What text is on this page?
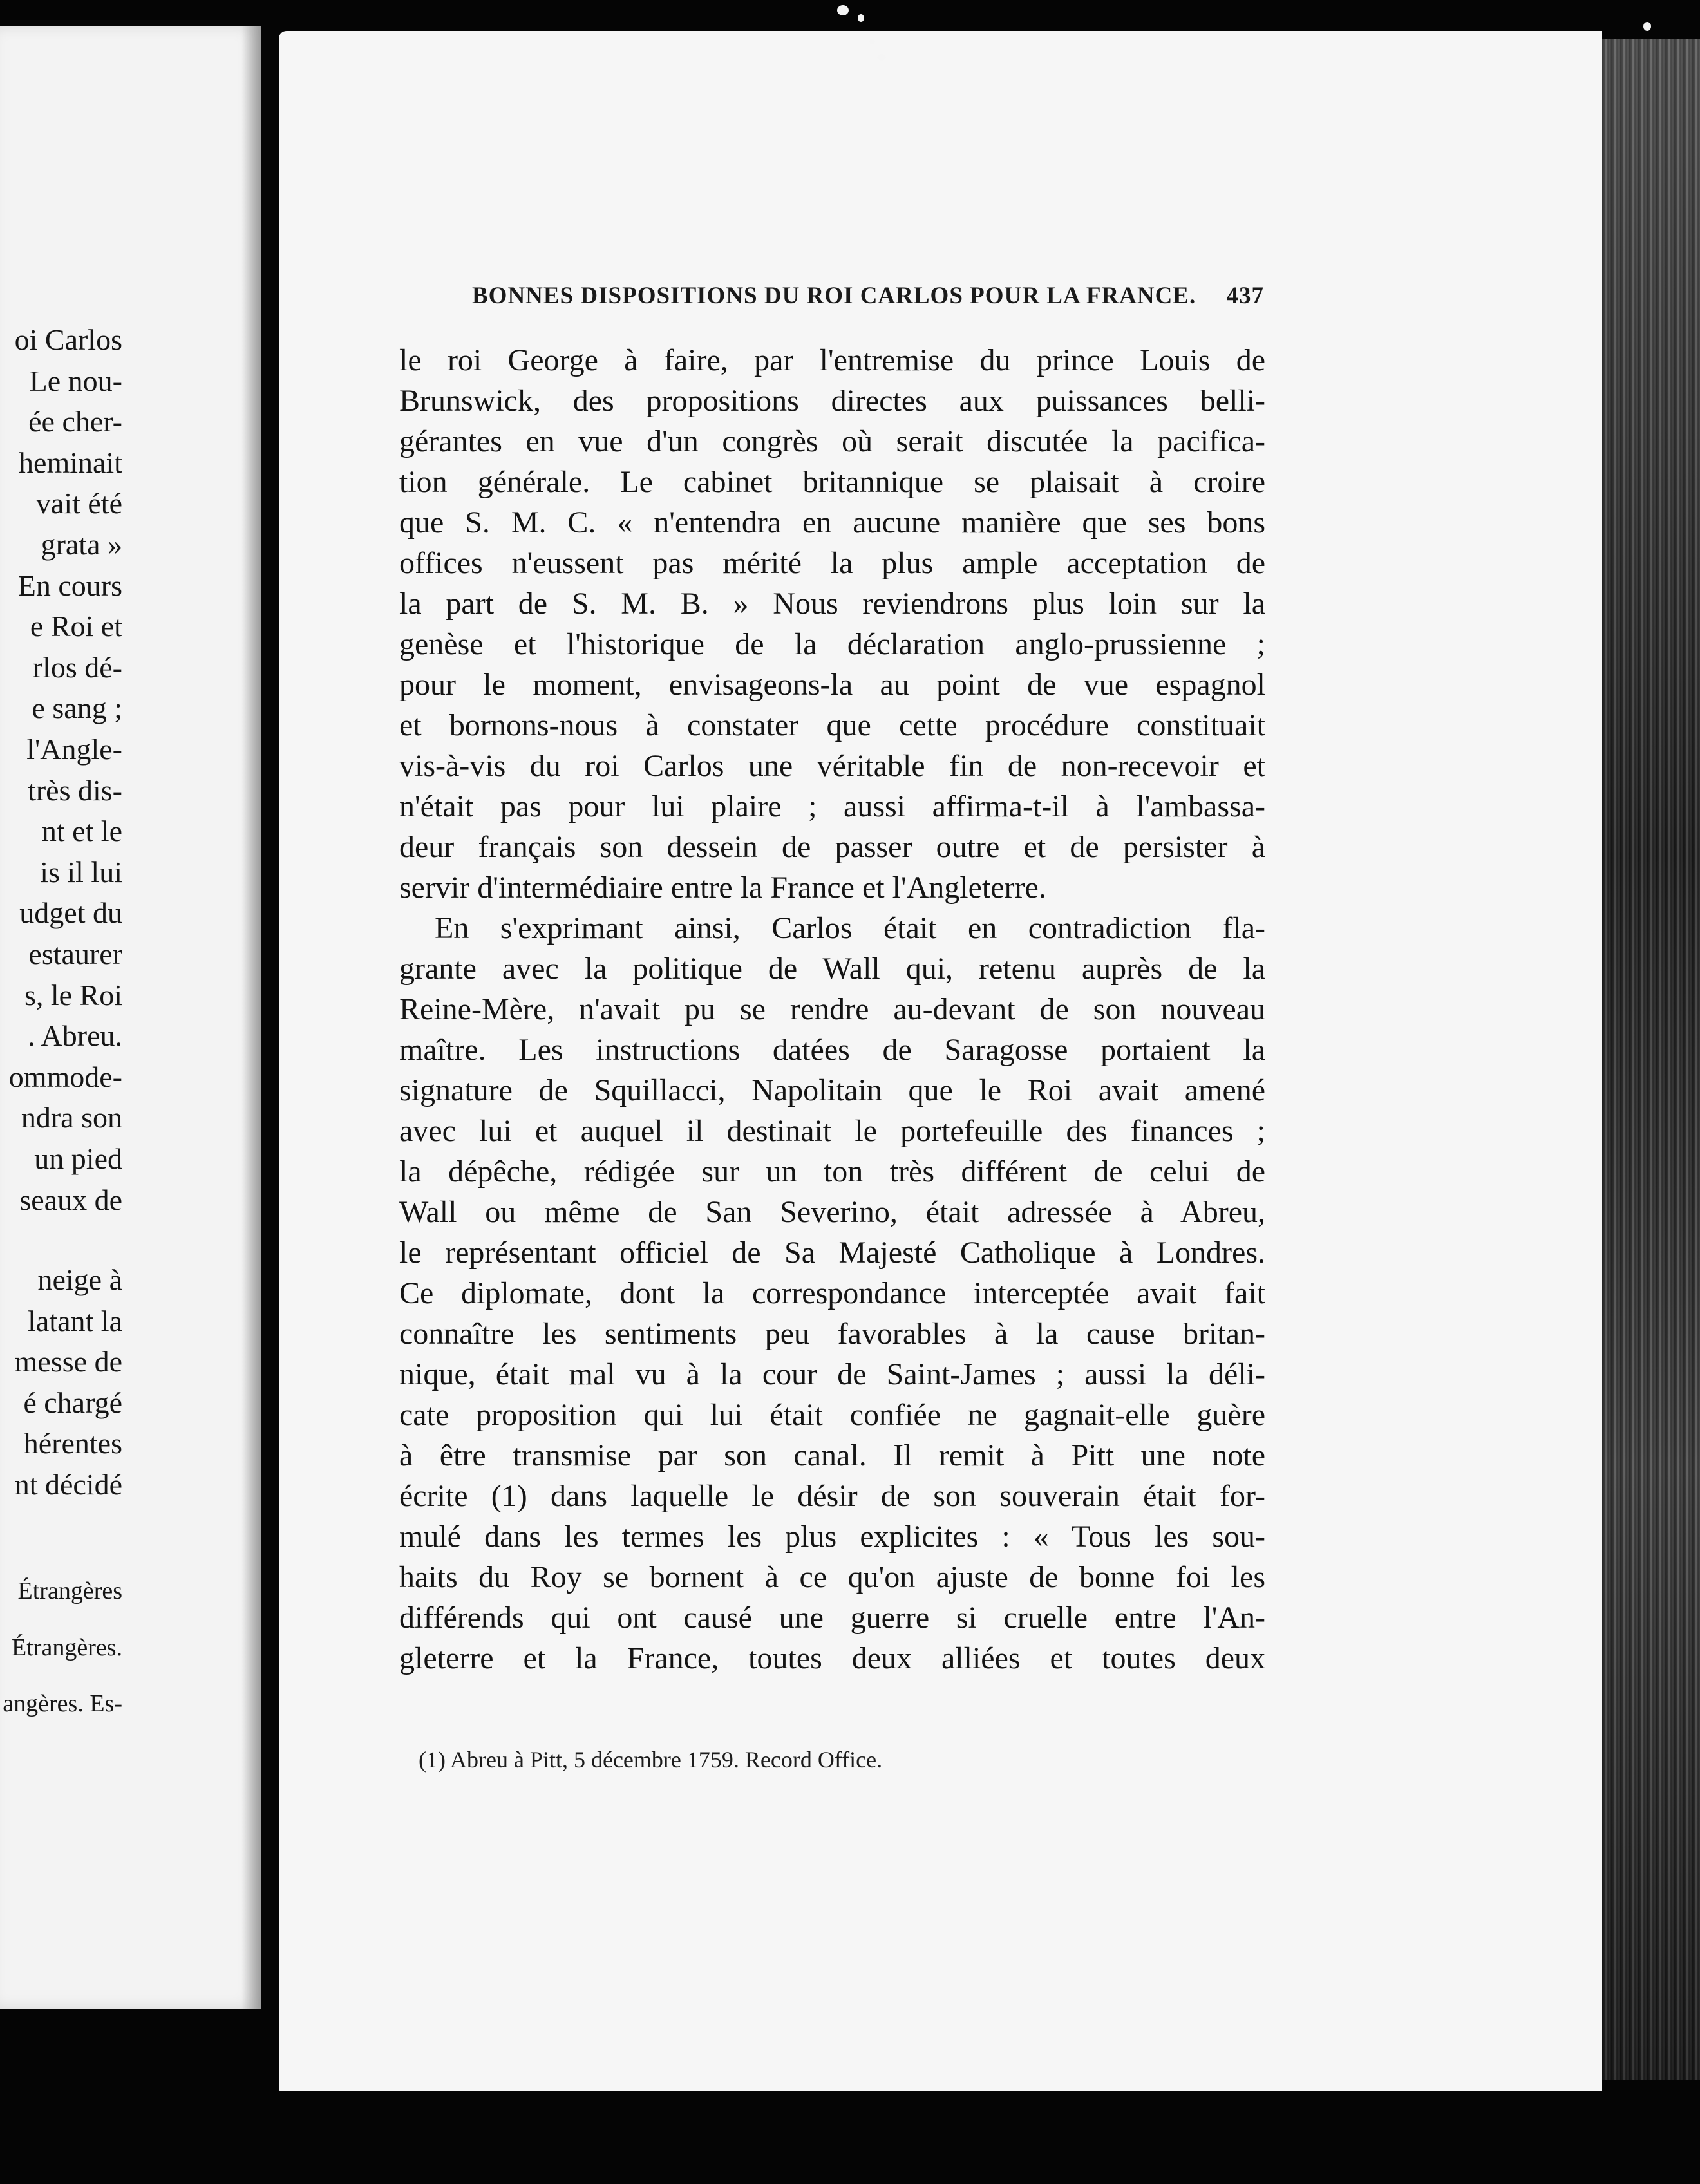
oi Carlos
Le nou-
ée cher-
heminait
vait été
grata »
En cours
e Roi et
rlos dé-
e sang ;
l'Angle-
très dis-
nt et le
is il lui
udget du
estaurer
s, le Roi
. Abreu.
ommode-
ndra son
un pied
seaux de
neige à
latant la
messe de
é chargé
hérentes
nt décidé
Étrangères
Étrangères.
angères. Es-
BONNES DISPOSITIONS DU ROI CARLOS POUR LA FRANCE. 437

le roi George à faire, par l'entremise du prince Louis de
Brunswick, des propositions directes aux puissances belli-
gérantes en vue d'un congrès où serait discutée la pacifica-
tion générale. Le cabinet britannique se plaisait à croire
que S. M. C. « n'entendra en aucune manière que ses bons
offices n'eussent pas mérité la plus ample acceptation de
la part de S. M. B. » Nous reviendrons plus loin sur la
genèse et l'historique de la déclaration anglo-prussienne ;
pour le moment, envisageons-la au point de vue espagnol
et bornons-nous à constater que cette procédure constituait
vis-à-vis du roi Carlos une véritable fin de non-recevoir et
n'était pas pour lui plaire ; aussi affirma-t-il à l'ambassa-
deur français son dessein de passer outre et de persister à
servir d'intermédiaire entre la France et l'Angleterre.

En s'exprimant ainsi, Carlos était en contradiction fla-
grante avec la politique de Wall qui, retenu auprès de la
Reine-Mère, n'avait pu se rendre au-devant de son nouveau
maître. Les instructions datées de Saragosse portaient la
signature de Squillacci, Napolitain que le Roi avait amené
avec lui et auquel il destinait le portefeuille des finances ;
la dépêche, rédigée sur un ton très différent de celui de
Wall ou même de San Severino, était adressée à Abreu,
le représentant officiel de Sa Majesté Catholique à Londres.
Ce diplomate, dont la correspondance interceptée avait fait
connaître les sentiments peu favorables à la cause britan-
nique, était mal vu à la cour de Saint-James ; aussi la déli-
cate proposition qui lui était confiée ne gagnait-elle guère
à être transmise par son canal. Il remit à Pitt une note
écrite (1) dans laquelle le désir de son souverain était for-
mulé dans les termes les plus explicites : « Tous les sou-
haits du Roy se bornent à ce qu'on ajuste de bonne foi les
différends qui ont causé une guerre si cruelle entre l'An-
gleterre et la France, toutes deux alliées et toutes deux

(1) Abreu à Pitt, 5 décembre 1759. Record Office.
